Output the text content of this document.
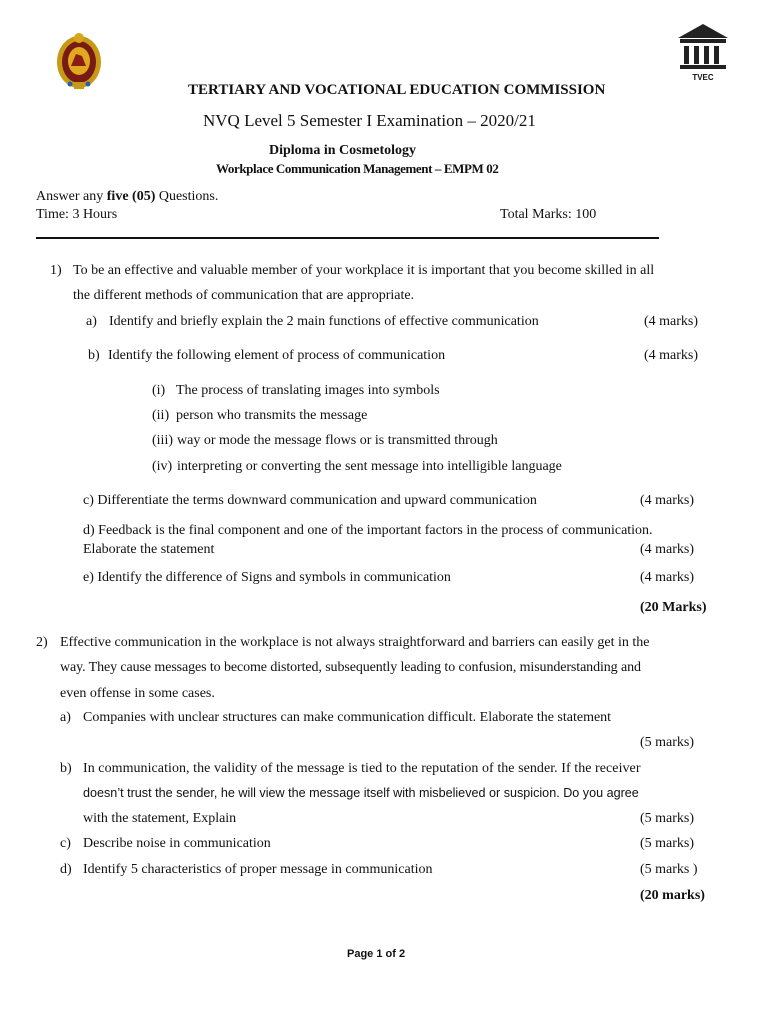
TVEC
TERTIARY AND VOCATIONAL EDUCATION COMMISSION
NVQ Level 5 Semester I Examination – 2020/21
Diploma in Cosmetology
Workplace Communication Management – EMPM 02
Answer any five (05) Questions.
Time: 3 Hours	Total Marks: 100
1) To be an effective and valuable member of your workplace it is important that you become skilled in all
the different methods of communication that are appropriate.
a) Identify and briefly explain the 2 main functions of effective communication	(4 marks)
b) Identify the following element of process of communication	(4 marks)
(i) The process of translating images into symbols
(ii) person who transmits the message
(iii) way or mode the message flows or is transmitted through
(iv) interpreting or converting the sent message into intelligible language
c) Differentiate the terms downward communication and upward communication	(4 marks)
d) Feedback is the final component and one of the important factors in the process of communication.
Elaborate the statement	(4 marks)
e) Identify the difference of Signs and symbols in communication	(4 marks)
(20 Marks)
2) Effective communication in the workplace is not always straightforward and barriers can easily get in the
way. They cause messages to become distorted, subsequently leading to confusion, misunderstanding and
even offense in some cases.
a) Companies with unclear structures can make communication difficult. Elaborate the statement
(5 marks)
b) In communication, the validity of the message is tied to the reputation of the sender. If the receiver
doesn’t trust the sender, he will view the message itself with misbelieved or suspicion. Do you agree
with the statement, Explain	(5 marks)
c) Describe noise in communication	(5 marks)
d) Identify 5 characteristics of proper message in communication	(5 marks )
(20 marks)
Page 1 of 2
